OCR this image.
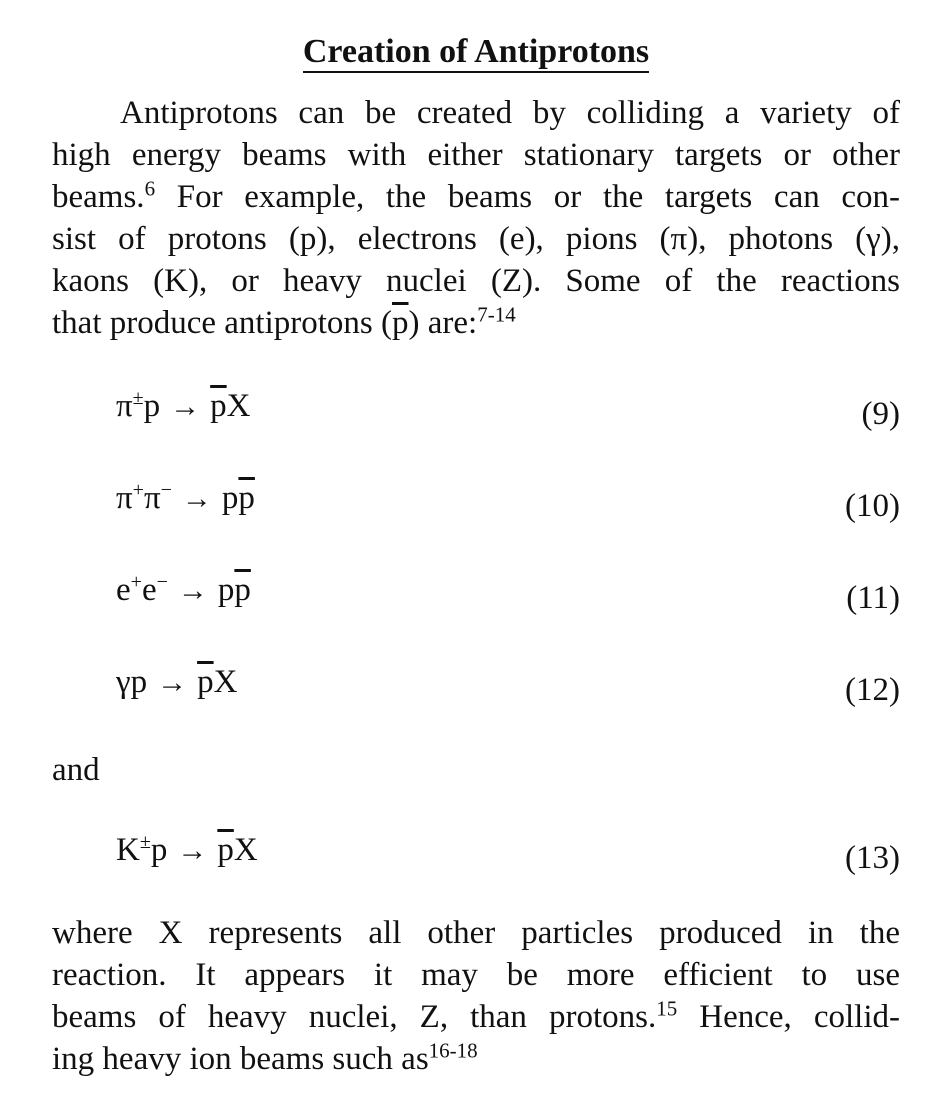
Creation of Antiprotons
Antiprotons can be created by colliding a variety of
high energy beams with either stationary targets or other
beams.$^6$ For example, the beams or the targets can con-
sist of protons (p), electrons (e), pions (π), photons (γ),
kaons (K), or heavy nuclei (Z). Some of the reactions
that produce antiprotons $(\overline{p})$ are:$^{7-14}$
$\pi^\pm p \to \overline{p}X$	(9)
$\pi^+\pi^- \to p\overline{p}$	(10)
$e^+e^- \to p\overline{p}$	(11)
$\gamma p \to \overline{p}X$	(12)
and
$K^\pm p \to \overline{p}X$	(13)
where X represents all other particles produced in the
reaction. It appears it may be more efficient to use
beams of heavy nuclei, Z, than protons.$^{15}$ Hence, collid-
ing heavy ion beams such $as^{16-18}$
